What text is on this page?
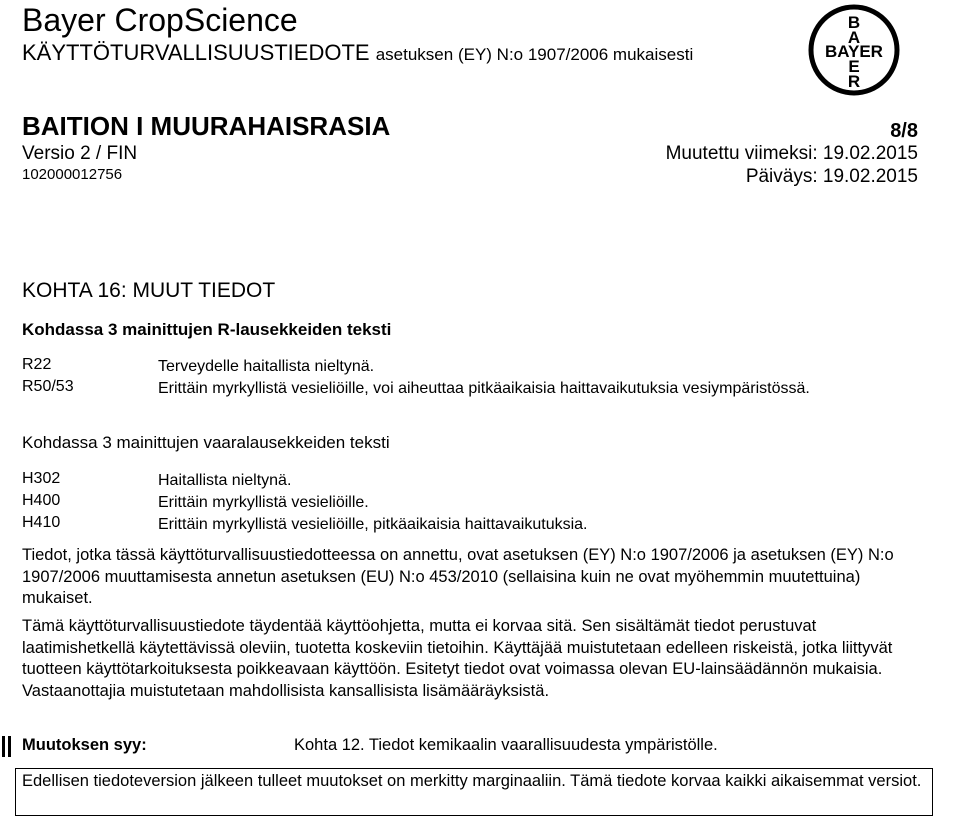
Bayer CropScience
KÄYTTÖTURVALLISUUSTIEDOTE asetuksen (EY) N:o 1907/2006 mukaisesti
B
A
BAYER
E
R
BAITION I MUURAHAISRASIA	8/8
Versio 2 / FIN	Muutettu viimeksi: 19.02.2015
102000012756	Päiväys: 19.02.2015
KOHTA 16: MUUT TIEDOT
Kohdassa 3 mainittujen R-lausekkeiden teksti
R22	Terveydelle haitallista nieltynä.
R50/53	Erittäin myrkyllistä vesieliöille, voi aiheuttaa pitkäaikaisia haittavaikutuksia vesiympäristössä.
Kohdassa 3 mainittujen vaaralausekkeiden teksti
H302	Haitallista nieltynä.
H400	Erittäin myrkyllistä vesieliöille.
H410	Erittäin myrkyllistä vesieliöille, pitkäaikaisia haittavaikutuksia.
Tiedot, jotka tässä käyttöturvallisuustiedotteessa on annettu, ovat asetuksen (EY) N:o 1907/2006 ja asetuksen (EY) N:o 1907/2006 muuttamisesta annetun asetuksen (EU) N:o 453/2010 (sellaisina kuin ne ovat myöhemmin muutettuina) mukaiset.
Tämä käyttöturvallisuustiedote täydentää käyttöohjetta, mutta ei korvaa sitä. Sen sisältämät tiedot perustuvat laatimishetkellä käytettävissä oleviin, tuotetta koskeviin tietoihin. Käyttäjää muistutetaan edelleen riskeistä, jotka liittyvät tuotteen käyttötarkoituksesta poikkeavaan käyttöön. Esitetyt tiedot ovat voimassa olevan EU-lainsäädännön mukaisia. Vastaanottajia muistutetaan mahdollisista kansallisista lisämääräyksistä.
Muutoksen syy:	Kohta 12. Tiedot kemikaalin vaarallisuudesta ympäristölle.
Edellisen tiedoteversion jälkeen tulleet muutokset on merkitty marginaaliin. Tämä tiedote korvaa kaikki aikaisemmat versiot.
